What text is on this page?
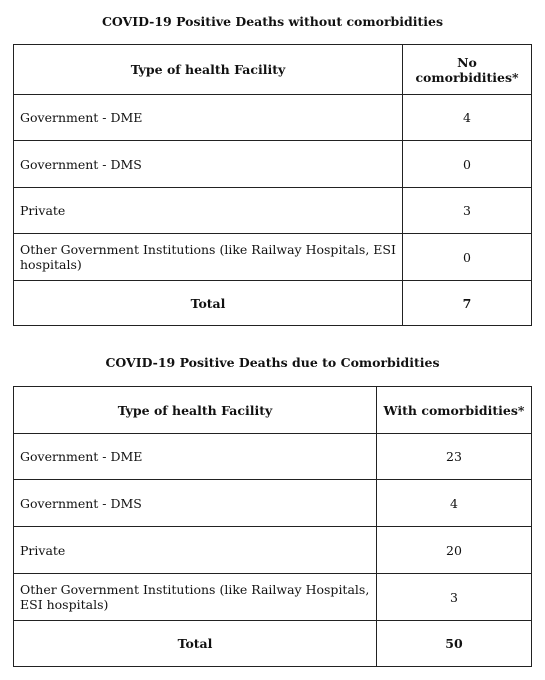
COVID-19 Positive Deaths without comorbidities
Type of health Facility	No comorbidities*
Government - DME	4
Government - DMS	0
Private	3
Other Government Institutions (like Railway Hospitals, ESI hospitals)	0
Total	7
COVID-19 Positive Deaths due to Comorbidities
Type of health Facility	With comorbidities*
Government - DME	23
Government - DMS	4
Private	20
Other Government Institutions (like Railway Hospitals, ESI hospitals)	3
Total	50
